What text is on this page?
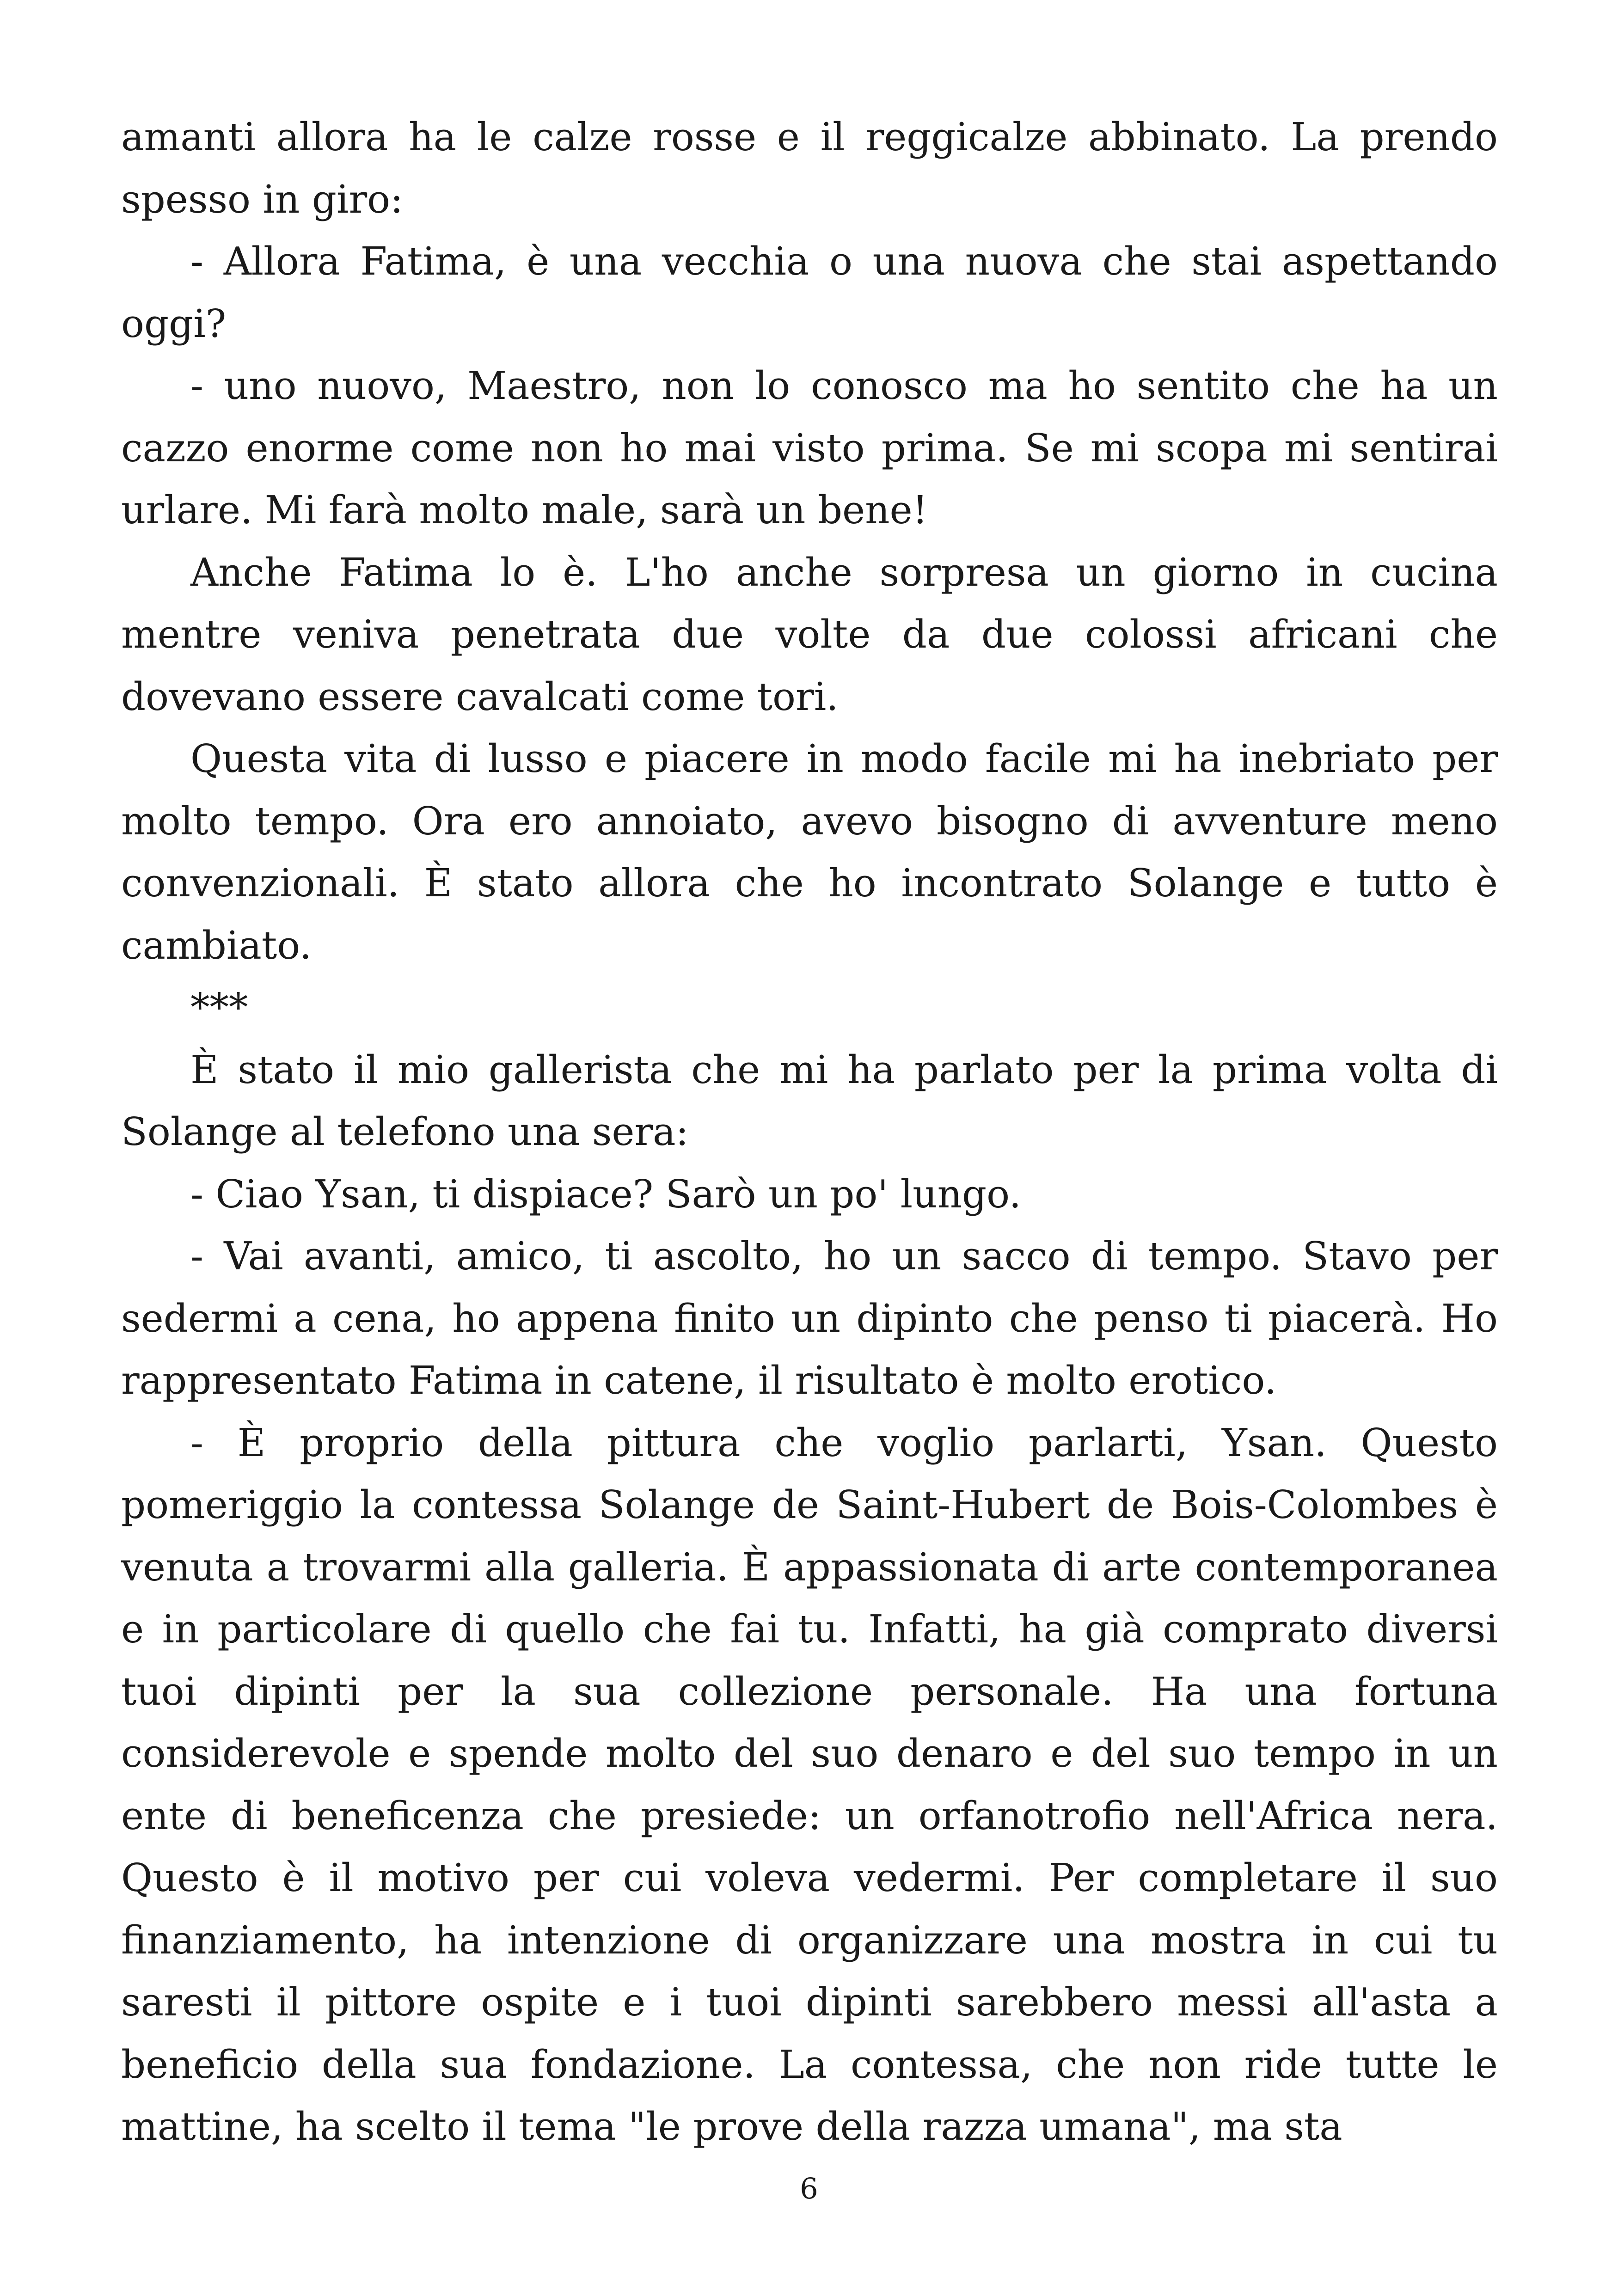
amanti allora ha le calze rosse e il reggicalze abbinato. La prendo spesso in giro:

- Allora Fatima, è una vecchia o una nuova che stai aspettando oggi?

- uno nuovo, Maestro, non lo conosco ma ho sentito che ha un cazzo enorme come non ho mai visto prima. Se mi scopa mi sentirai urlare. Mi farà molto male, sarà un bene!

Anche Fatima lo è. L'ho anche sorpresa un giorno in cucina mentre veniva penetrata due volte da due colossi africani che dovevano essere cavalcati come tori.

Questa vita di lusso e piacere in modo facile mi ha inebriato per molto tempo. Ora ero annoiato, avevo bisogno di avventure meno convenzionali. È stato allora che ho incontrato Solange e tutto è cambiato.

***

È stato il mio gallerista che mi ha parlato per la prima volta di Solange al telefono una sera:

- Ciao Ysan, ti dispiace? Sarò un po' lungo.

- Vai avanti, amico, ti ascolto, ho un sacco di tempo. Stavo per sedermi a cena, ho appena finito un dipinto che penso ti piacerà. Ho rappresentato Fatima in catene, il risultato è molto erotico.

- È proprio della pittura che voglio parlarti, Ysan. Questo pomeriggio la contessa Solange de Saint-Hubert de Bois-Colombes è venuta a trovarmi alla galleria. È appassionata di arte contemporanea e in particolare di quello che fai tu. Infatti, ha già comprato diversi tuoi dipinti per la sua collezione personale. Ha una fortuna considerevole e spende molto del suo denaro e del suo tempo in un ente di beneficenza che presiede: un orfanotrofio nell'Africa nera. Questo è il motivo per cui voleva vedermi. Per completare il suo finanziamento, ha intenzione di organizzare una mostra in cui tu saresti il pittore ospite e i tuoi dipinti sarebbero messi all'asta a beneficio della sua fondazione. La contessa, che non ride tutte le mattine, ha scelto il tema "le prove della razza umana", ma sta

6
